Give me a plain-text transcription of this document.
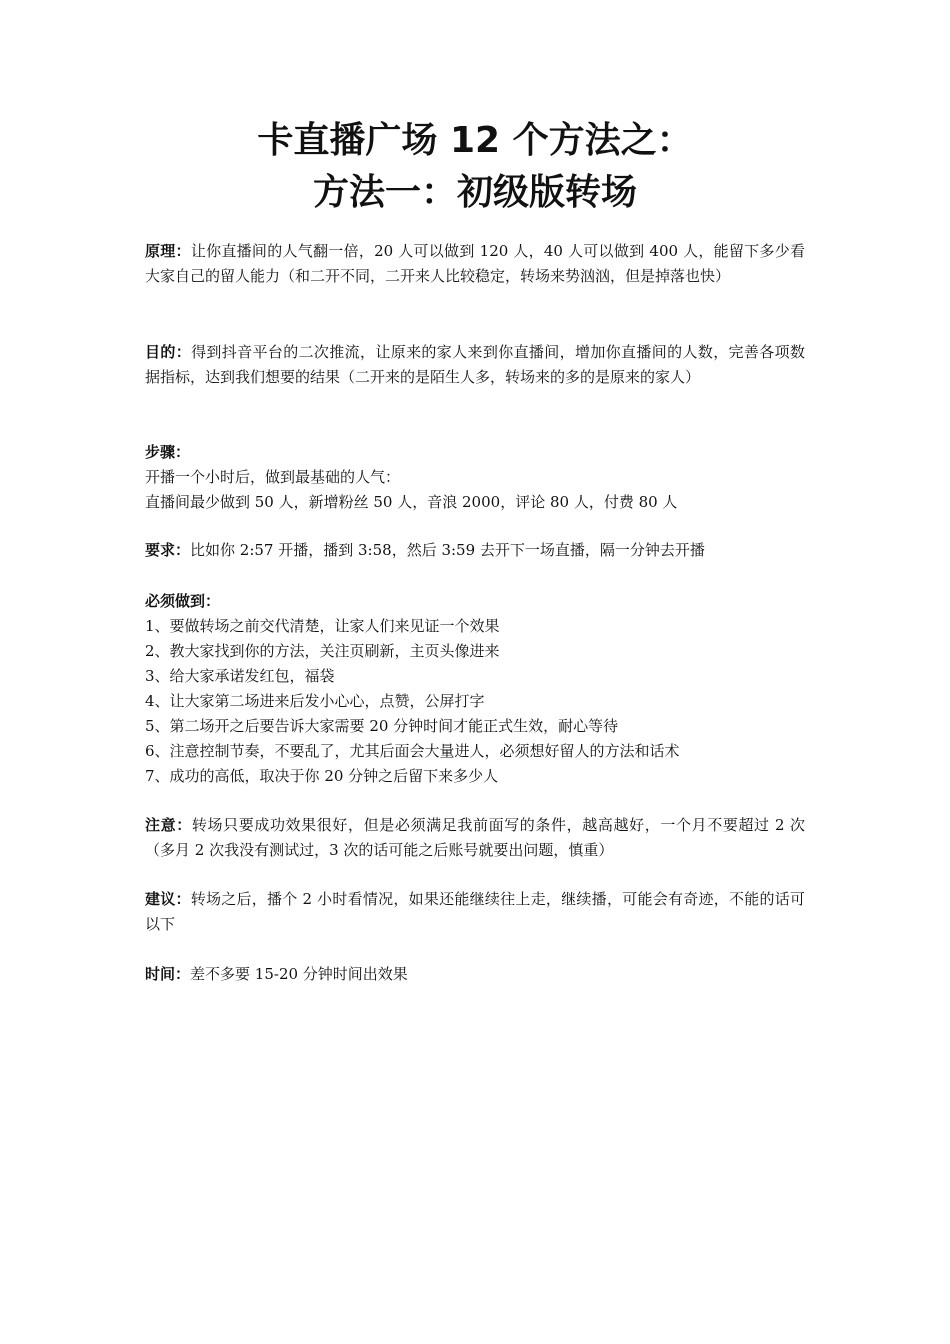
卡直播广场 12 个方法之：
方法一：初级版转场

原理：让你直播间的人气翻一倍，20 人可以做到 120 人，40 人可以做到 400 人，能留下多少看大家自己的留人能力（和二开不同，二开来人比较稳定，转场来势汹汹，但是掉落也快）

目的：得到抖音平台的二次推流，让原来的家人来到你直播间，增加你直播间的人数，完善各项数据指标，达到我们想要的结果（二开来的是陌生人多，转场来的多的是原来的家人）

步骤：
开播一个小时后，做到最基础的人气：
直播间最少做到 50 人，新增粉丝 50 人，音浪 2000，评论 80 人，付费 80 人

要求：比如你 2:57 开播，播到 3:58，然后 3:59 去开下一场直播，隔一分钟去开播

必须做到：
1、要做转场之前交代清楚，让家人们来见证一个效果
2、教大家找到你的方法，关注页刷新，主页头像进来
3、给大家承诺发红包，福袋
4、让大家第二场进来后发小心心，点赞，公屏打字
5、第二场开之后要告诉大家需要 20 分钟时间才能正式生效，耐心等待
6、注意控制节奏，不要乱了，尤其后面会大量进人，必须想好留人的方法和话术
7、成功的高低，取决于你 20 分钟之后留下来多少人

注意：转场只要成功效果很好，但是必须满足我前面写的条件，越高越好，一个月不要超过 2 次（多月 2 次我没有测试过，3 次的话可能之后账号就要出问题，慎重）

建议：转场之后，播个 2 小时看情况，如果还能继续往上走，继续播，可能会有奇迹，不能的话可以下

时间：差不多要 15-20 分钟时间出效果
